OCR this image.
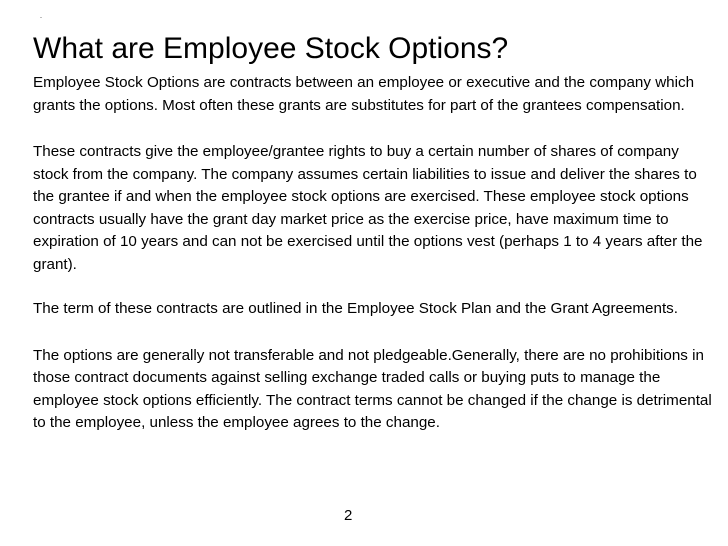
-
What are Employee Stock Options?

Employee Stock Options are contracts between an employee or executive and the company which grants the options. Most often these grants are substitutes for part of the grantees compensation.

These contracts give the employee/grantee rights to buy a certain number of shares of company stock from the company. The company assumes certain liabilities to issue and deliver the shares to the grantee if and when the employee stock options are exercised. These employee stock options contracts usually have the grant day market price as the exercise price, have maximum time to expiration of 10 years and can not be exercised until the options vest (perhaps 1 to 4 years after the grant).

The term of these contracts are outlined in the Employee Stock Plan and the Grant Agreements.

The options are generally not transferable and not pledgeable.Generally, there are no prohibitions in those contract documents against selling exchange traded calls or buying puts to manage the employee stock options efficiently. The contract terms cannot be changed if the change is detrimental to the employee, unless the employee agrees to the change.

2
